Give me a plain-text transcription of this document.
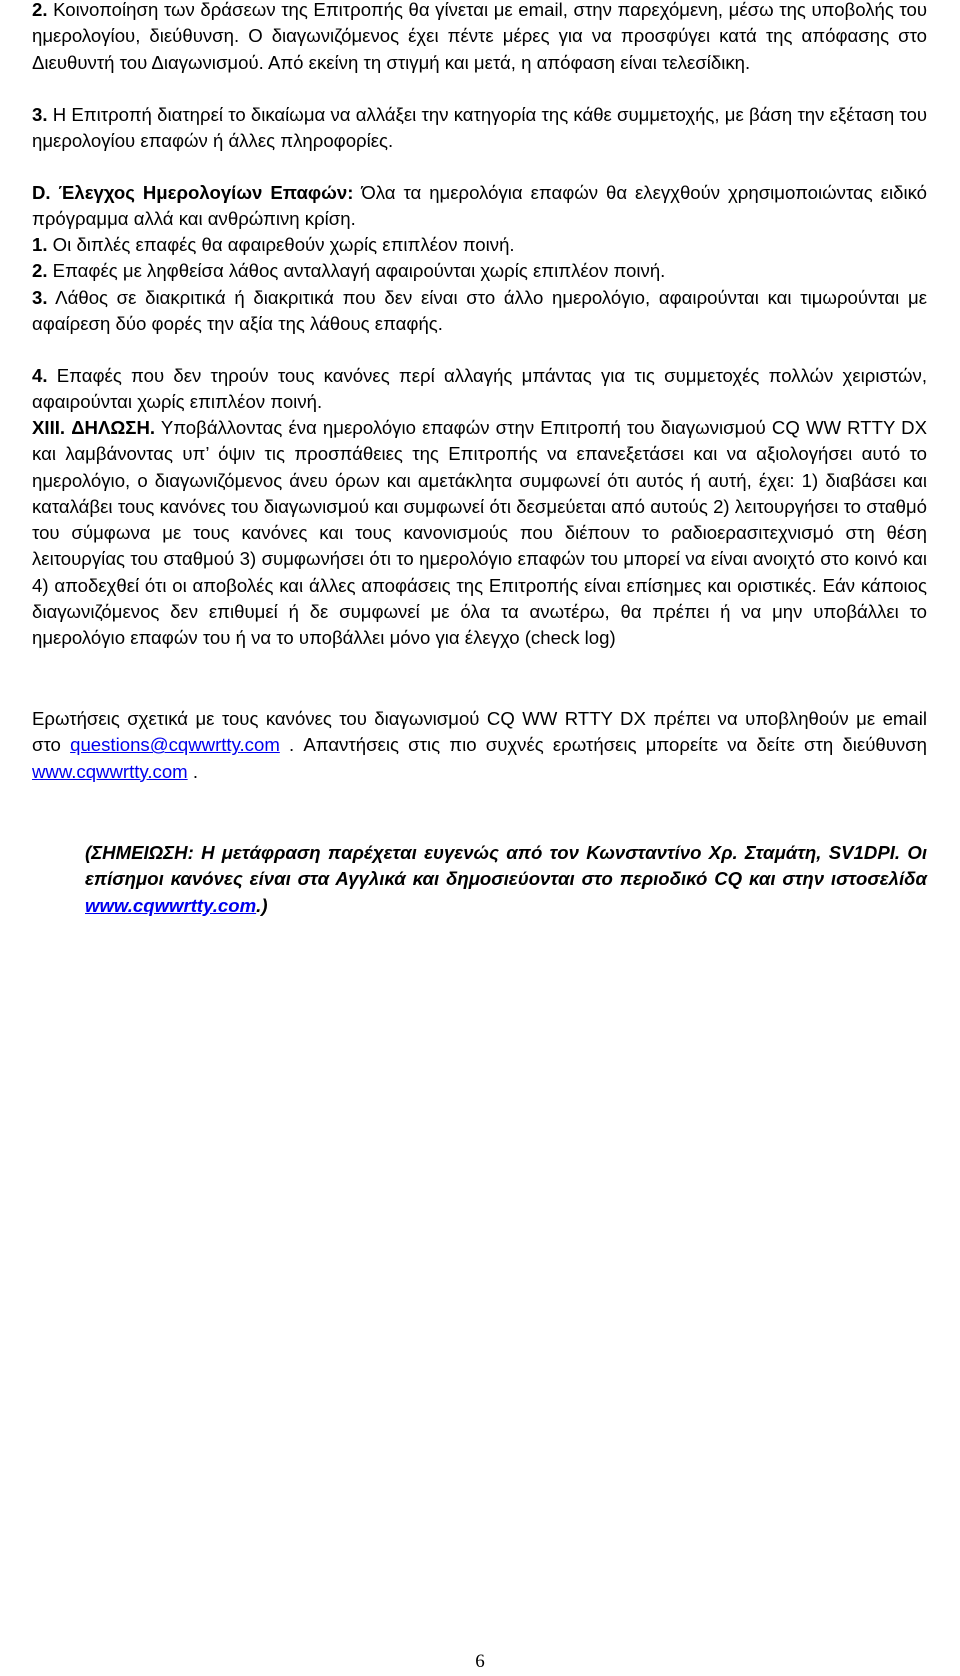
2. Κοινοποίηση των δράσεων της Επιτροπής θα γίνεται με email, στην παρεχόμενη, μέσω της υποβολής του ημερολογίου, διεύθυνση. Ο διαγωνιζόμενος έχει πέντε μέρες για να προσφύγει κατά της απόφασης στο Διευθυντή του Διαγωνισμού. Από εκείνη τη στιγμή και μετά, η απόφαση είναι τελεσίδικη.

3. Η Επιτροπή διατηρεί το δικαίωμα να αλλάξει την κατηγορία της κάθε συμμετοχής, με βάση την εξέταση του ημερολογίου επαφών ή άλλες πληροφορίες.

D. Έλεγχος Ημερολογίων Επαφών: Όλα τα ημερολόγια επαφών θα ελεγχθούν χρησιμοποιώντας ειδικό πρόγραμμα αλλά και ανθρώπινη κρίση.

1. Οι διπλές επαφές θα αφαιρεθούν χωρίς επιπλέον ποινή.

2. Επαφές με ληφθείσα λάθος ανταλλαγή αφαιρούνται χωρίς επιπλέον ποινή.

3. Λάθος σε διακριτικά ή διακριτικά που δεν είναι στο άλλο ημερολόγιο, αφαιρούνται και τιμωρούνται με αφαίρεση δύο φορές την αξία της λάθους επαφής.

4. Επαφές που δεν τηρούν τους κανόνες περί αλλαγής μπάντας για τις συμμετοχές πολλών χειριστών, αφαιρούνται χωρίς επιπλέον ποινή.

XIII. ΔΗΛΩΣΗ. Υποβάλλοντας ένα ημερολόγιο επαφών στην Επιτροπή του διαγωνισμού CQ WW RTTY DX και λαμβάνοντας υπ’ όψιν τις προσπάθειες της Επιτροπής να επανεξετάσει και να αξιολογήσει αυτό το ημερολόγιο, ο διαγωνιζόμενος άνευ όρων και αμετάκλητα συμφωνεί ότι αυτός ή αυτή, έχει: 1) διαβάσει και καταλάβει τους κανόνες του διαγωνισμού και συμφωνεί ότι δεσμεύεται από αυτούς 2) λειτουργήσει το σταθμό του σύμφωνα με τους κανόνες και τους κανονισμούς που διέπουν το ραδιοερασιτεχνισμό στη θέση λειτουργίας του σταθμού 3) συμφωνήσει ότι το ημερολόγιο επαφών του μπορεί να είναι ανοιχτό στο κοινό και 4) αποδεχθεί ότι οι αποβολές και άλλες αποφάσεις της Επιτροπής είναι επίσημες και οριστικές. Εάν κάποιος διαγωνιζόμενος δεν επιθυμεί ή δε συμφωνεί με όλα τα ανωτέρω, θα πρέπει ή να μην υποβάλλει το ημερολόγιο επαφών του ή να το υποβάλλει μόνο για έλεγχο (check log)

Ερωτήσεις σχετικά με τους κανόνες του διαγωνισμού CQ WW RTTY DX πρέπει να υποβληθούν με email στο questions@cqwwrtty.com . Απαντήσεις στις πιο συχνές ερωτήσεις μπορείτε να δείτε στη διεύθυνση www.cqwwrtty.com .

(ΣΗΜΕΙΩΣΗ: Η μετάφραση παρέχεται ευγενώς από τον Κωνσταντίνο Χρ. Σταμάτη, SV1DPI. Οι επίσημοι κανόνες είναι στα Αγγλικά και δημοσιεύονται στο περιοδικό CQ και στην ιστοσελίδα www.cqwwrtty.com.)

6
